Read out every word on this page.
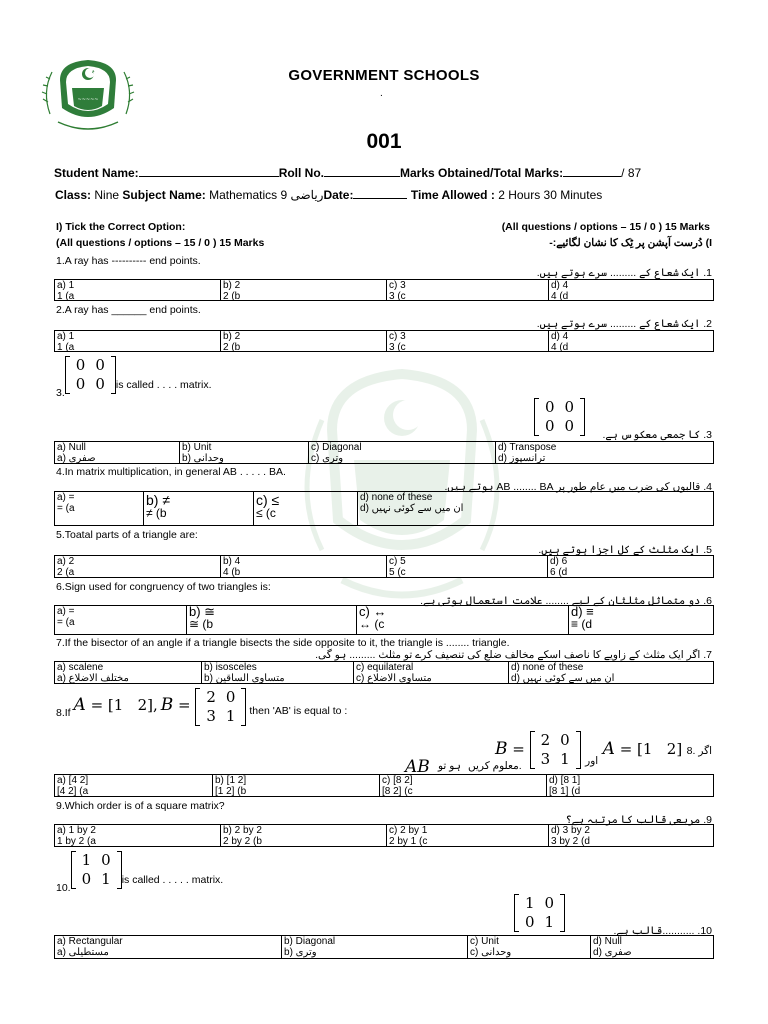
~~~~~
GOVERNMENT SCHOOLS
.
001
Student Name:	Roll No.	Marks Obtained/Total Marks:	/ 87
Class: Nine Subject Name: Mathematics 9 ریاضیDate:	Time Allowed : 2 Hours 30 Minutes
I) Tick the Correct Option:	(All questions / options – 15 / 0 ) 15 Marks
(All questions / options – 15 / 0 ) 15 Marks	I) دُرست آپشن پر ٹِک کا نشان لگائیے:-
1.A ray has ---------- end points.
1. ایک شعاع کے ......... سرے ہوتے ہیں.
a) 1
1 (a
b) 2
2 (b
c) 3
3 (c
d) 4
4 (d
2.A ray has ______ end points.
2. ایک شعاع کے ......... سرے ہوتے ہیں.
a) 1
1 (a
b) 2
2 (b
c) 3
3 (c
d) 4
4 (d
3.
0	0
0	0 is called . . . . matrix.
0	0
0	0	3. کا جمعی معکوس ہے.
a) Null
صفری (a
b) Unit
وحدانی (b
c) Diagonal
وتری (c
d) Transpose
ترانسپوز (d
4.In matrix multiplication, in general AB . . . . . BA.
4. قالبوں کی ضرب میں عام طور پر AB ........ BA ہوتے ہیں.
a) =
= (a
b) ≠
≠ (b
c) ≤
≤ (c
d) none of these
ان میں سے کوئی نہیں (d
5.Toatal parts of a triangle are:
5. ایک مثلث کے کل اجزا ہوتے ہیں.
a) 2
2 (a
b) 4
4 (b
c) 5
5 (c
d) 6
6 (d
6.Sign used for congruency of two triangles is:
6. دو متماثل مثلثان کے لیے ........ علامت استعمال ہوتی ہے.
a) =
= (a
b) ≅
≅ (b
c) ↔
↔ (c
d) ≡
≡ (d
7.If the bisector of an angle if a triangle bisects the side opposite to it, the triangle is ........ triangle.
7. اگر ایک مثلث کے زاویے کا ناصف اسکے مخالف ضلع کی تنصیف کرے تو مثلث ......... ہو گی.
a) scalene
مختلف الاضلاع (a
b) isosceles
متساوی الساقین (b
c) equilateral
متساوی الاضلاع (c
d) none of these
ان میں سے کوئی نہیں (d
8.If A = [1 2], B = 2	0
3	1 then 'AB' is equal to :
معلوم کریں.
AB ہو تو
B =
2	0
3	1 $_{اور}$ A = [1 2] 8. اگر
a) [4 2]
[4 2] (a
b) [1 2]
[1 2] (b
c) [8 2]
[8 2] (c
d) [8 1]
[8 1] (d
9.Which order is of a square matrix?
9. مربعی قالب کا مرتبہ ہے؟
a) 1 by 2
1 by 2 (a
b) 2 by 2
2 by 2 (b
c) 2 by 1
2 by 1 (c
d) 3 by 2
3 by 2 (d
10.
1	0
0	1 is called . . . . . matrix.
1	0
0	1	10. ...........قالب ہے.
a) Rectangular
مستطیلی (a
b) Diagonal
وتری (b
c) Unit
وحدانی (c
d) Null
صفری (d
